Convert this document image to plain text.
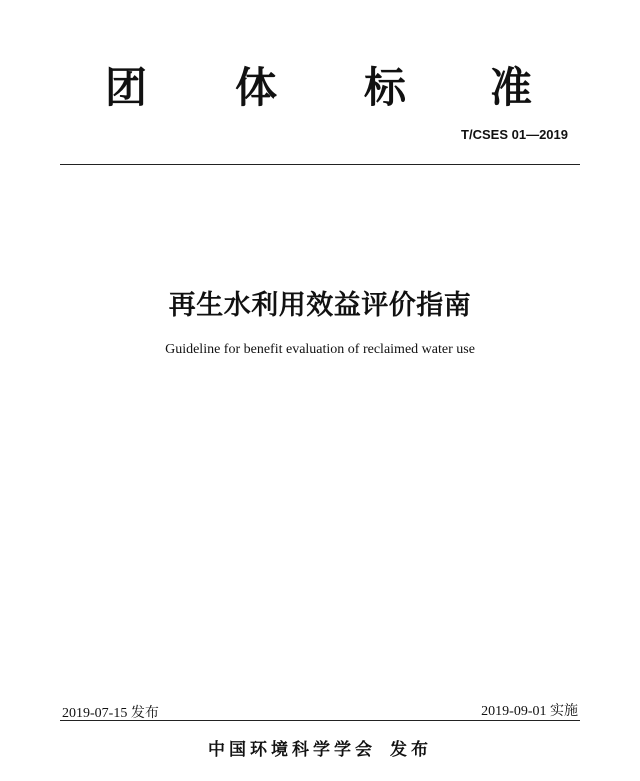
团 体 标 准
T/CSES 01—2019
再生水利用效益评价指南
Guideline for benefit evaluation of reclaimed water use
2019-07-15 发布	2019-09-01 实施
中国环境科学学会 发布
